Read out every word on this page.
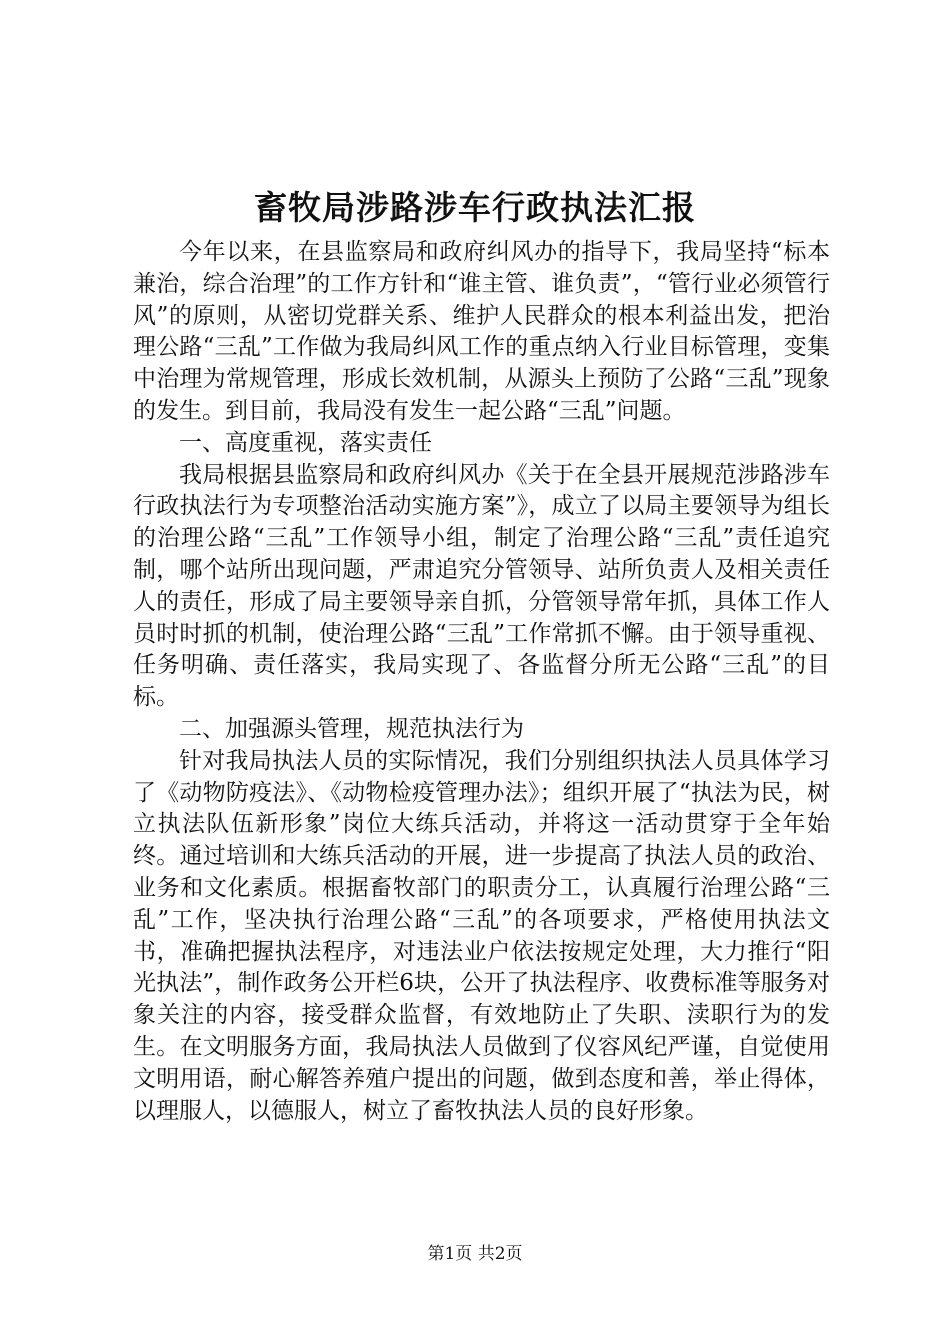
畜牧局涉路涉车行政执法汇报

今年以来，在县监察局和政府纠风办的指导下，我局坚持“标本兼治，综合治理”的工作方针和“谁主管、谁负责”，“管行业必须管行风”的原则，从密切党群关系、维护人民群众的根本利益出发，把治理公路“三乱”工作做为我局纠风工作的重点纳入行业目标管理，变集中治理为常规管理，形成长效机制，从源头上预防了公路“三乱”现象的发生。到目前，我局没有发生一起公路“三乱”问题。

一、高度重视，落实责任

我局根据县监察局和政府纠风办《关于在全县开展规范涉路涉车行政执法行为专项整治活动实施方案”》，成立了以局主要领导为组长的治理公路“三乱”工作领导小组，制定了治理公路“三乱”责任追究制，哪个站所出现问题，严肃追究分管领导、站所负责人及相关责任人的责任，形成了局主要领导亲自抓，分管领导常年抓，具体工作人员时时抓的机制，使治理公路“三乱”工作常抓不懈。由于领导重视、任务明确、责任落实，我局实现了、各监督分所无公路“三乱”的目标。

二、加强源头管理，规范执法行为

针对我局执法人员的实际情况，我们分别组织执法人员具体学习了《动物防疫法》、《动物检疫管理办法》；组织开展了“执法为民，树立执法队伍新形象”岗位大练兵活动，并将这一活动贯穿于全年始终。通过培训和大练兵活动的开展，进一步提高了执法人员的政治、业务和文化素质。根据畜牧部门的职责分工，认真履行治理公路“三乱”工作，坚决执行治理公路“三乱”的各项要求，严格使用执法文书，准确把握执法程序，对违法业户依法按规定处理，大力推行“阳光执法”，制作政务公开栏6块，公开了执法程序、收费标准等服务对象关注的内容，接受群众监督，有效地防止了失职、渎职行为的发生。在文明服务方面，我局执法人员做到了仪容风纪严谨，自觉使用文明用语，耐心解答养殖户提出的问题，做到态度和善，举止得体，以理服人，以德服人，树立了畜牧执法人员的良好形象。

第1页 共2页
